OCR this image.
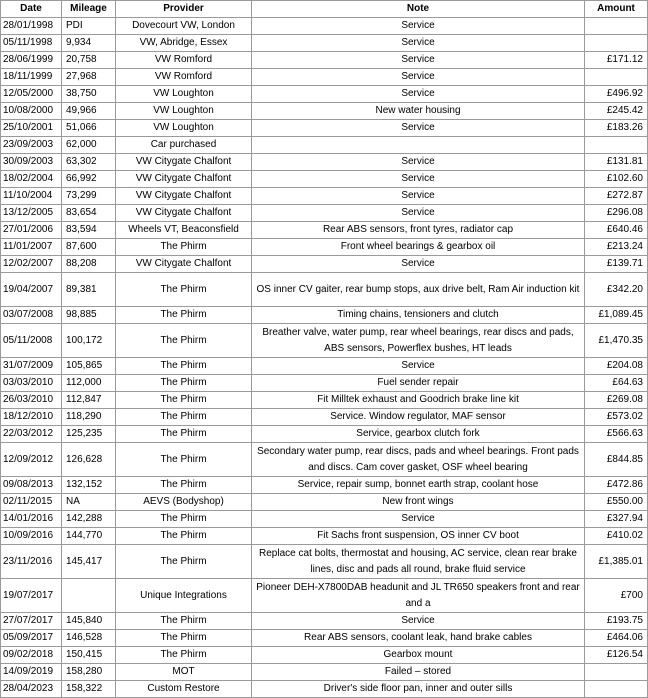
Date	Mileage	Provider	Note	Amount
28/01/1998	PDI	Dovecourt VW, London	Service	
05/11/1998	9,934	VW, Abridge, Essex	Service	
28/06/1999	20,758	VW Romford	Service	£171.12
18/11/1999	27,968	VW Romford	Service	
12/05/2000	38,750	VW Loughton	Service	£496.92
10/08/2000	49,966	VW Loughton	New water housing	£245.42
25/10/2001	51,066	VW Loughton	Service	£183.26
23/09/2003	62,000	Car purchased		
30/09/2003	63,302	VW Citygate Chalfont	Service	£131.81
18/02/2004	66,992	VW Citygate Chalfont	Service	£102.60
11/10/2004	73,299	VW Citygate Chalfont	Service	£272.87
13/12/2005	83,654	VW Citygate Chalfont	Service	£296.08
27/01/2006	83,594	Wheels VT, Beaconsfield	Rear ABS sensors, front tyres, radiator cap	£640.46
11/01/2007	87,600	The Phirm	Front wheel bearings & gearbox oil	£213.24
12/02/2007	88,208	VW Citygate Chalfont	Service	£139.71
19/04/2007	89,381	The Phirm	OS inner CV gaiter, rear bump stops, aux drive belt, Ram Air induction kit	£342.20
03/07/2008	98,885	The Phirm	Timing chains, tensioners and clutch	£1,089.45
05/11/2008	100,172	The Phirm	Breather valve, water pump, rear wheel bearings, rear discs and pads, ABS sensors, Powerflex bushes, HT leads	£1,470.35
31/07/2009	105,865	The Phirm	Service	£204.08
03/03/2010	112,000	The Phirm	Fuel sender repair	£64.63
26/03/2010	112,847	The Phirm	Fit Milltek exhaust and Goodrich brake line kit	£269.08
18/12/2010	118,290	The Phirm	Service. Window regulator, MAF sensor	£573.02
22/03/2012	125,235	The Phirm	Service, gearbox clutch fork	£566.63
12/09/2012	126,628	The Phirm	Secondary water pump, rear discs, pads and wheel bearings. Front pads and discs. Cam cover gasket, OSF wheel bearing	£844.85
09/08/2013	132,152	The Phirm	Service, repair sump, bonnet earth strap, coolant hose	£472.86
02/11/2015	NA	AEVS (Bodyshop)	New front wings	£550.00
14/01/2016	142,288	The Phirm	Service	£327.94
10/09/2016	144,770	The Phirm	Fit Sachs front suspension, OS inner CV boot	£410.02
23/11/2016	145,417	The Phirm	Replace cat bolts, thermostat and housing, AC service, clean rear brake lines, disc and pads all round, brake fluid service	£1,385.01
19/07/2017		Unique Integrations	Pioneer DEH-X7800DAB headunit and JL TR650 speakers front and rear and a	£700
27/07/2017	145,840	The Phirm	Service	£193.75
05/09/2017	146,528	The Phirm	Rear ABS sensors, coolant leak, hand brake cables	£464.06
09/02/2018	150,415	The Phirm	Gearbox mount	£126.54
14/09/2019	158,280	MOT	Failed – stored	
28/04/2023	158,322	Custom Restore	Driver's side floor pan, inner and outer sills	
